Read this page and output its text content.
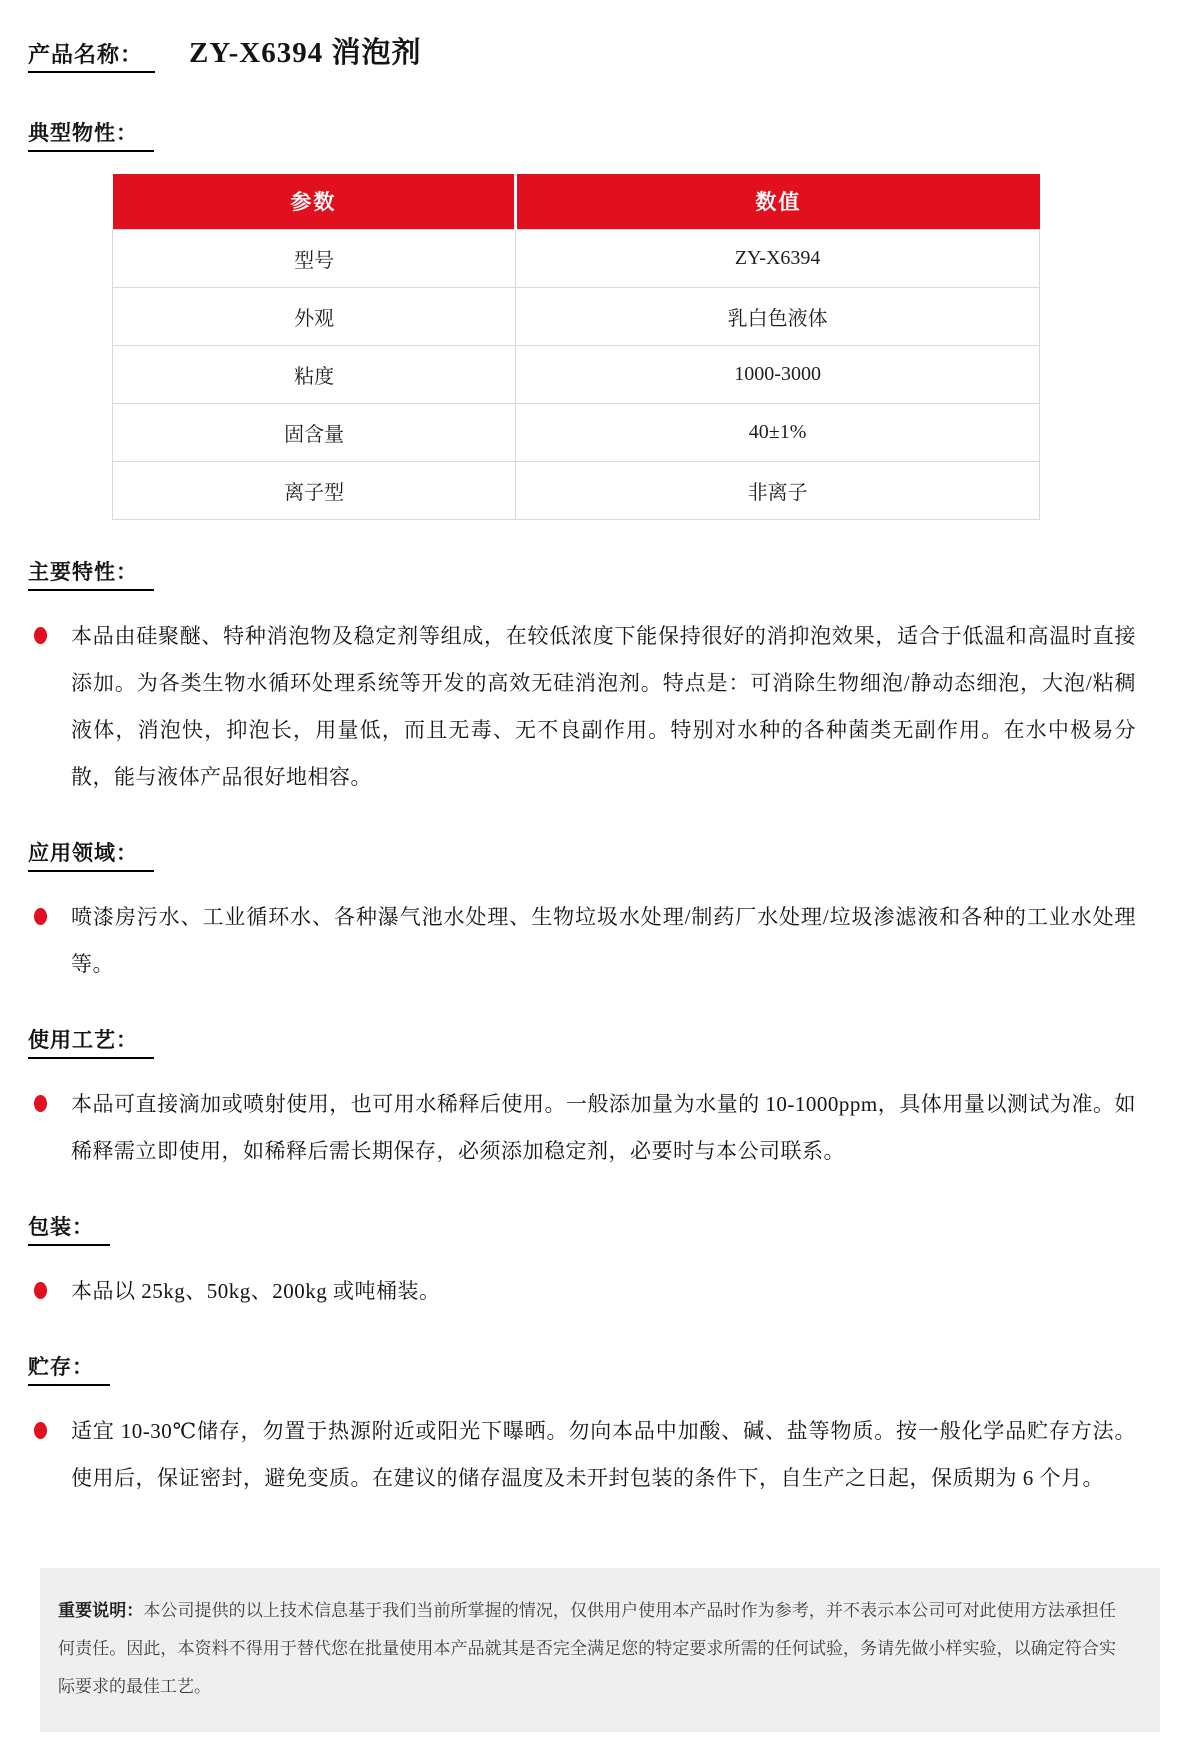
产品名称：	ZY-X6394 消泡剂
典型物性：
参数	数值
型号	ZY-X6394
外观	乳白色液体
粘度	1000-3000
固含量	40±1%
离子型	非离子
主要特性：

本品由硅聚醚、特种消泡物及稳定剂等组成，在较低浓度下能保持很好的消抑泡效果，适合于低温和高温时直接添加。为各类生物水循环处理系统等开发的高效无硅消泡剂。特点是：可消除生物细泡/静动态细泡，大泡/粘稠液体，消泡快，抑泡长，用量低，而且无毒、无不良副作用。特别对水种的各种菌类无副作用。在水中极易分散，能与液体产品很好地相容。

应用领域：

喷漆房污水、工业循环水、各种瀑气池水处理、生物垃圾水处理/制药厂水处理/垃圾渗滤液和各种的工业水处理等。

使用工艺：

本品可直接滴加或喷射使用，也可用水稀释后使用。一般添加量为水量的 10-1000ppm，具体用量以测试为准。如稀释需立即使用，如稀释后需长期保存，必须添加稳定剂，必要时与本公司联系。

包装：

本品以 25kg、50kg、200kg 或吨桶装。

贮存：

适宜 10-30℃储存，勿置于热源附近或阳光下曝晒。勿向本品中加酸、碱、盐等物质。按一般化学品贮存方法。使用后，保证密封，避免变质。在建议的储存温度及未开封包装的条件下，自生产之日起，保质期为 6 个月。

重要说明：本公司提供的以上技术信息基于我们当前所掌握的情况，仅供用户使用本产品时作为参考，并不表示本公司可对此使用方法承担任何责任。因此，本资料不得用于替代您在批量使用本产品就其是否完全满足您的特定要求所需的任何试验，务请先做小样实验，以确定符合实际要求的最佳工艺。
